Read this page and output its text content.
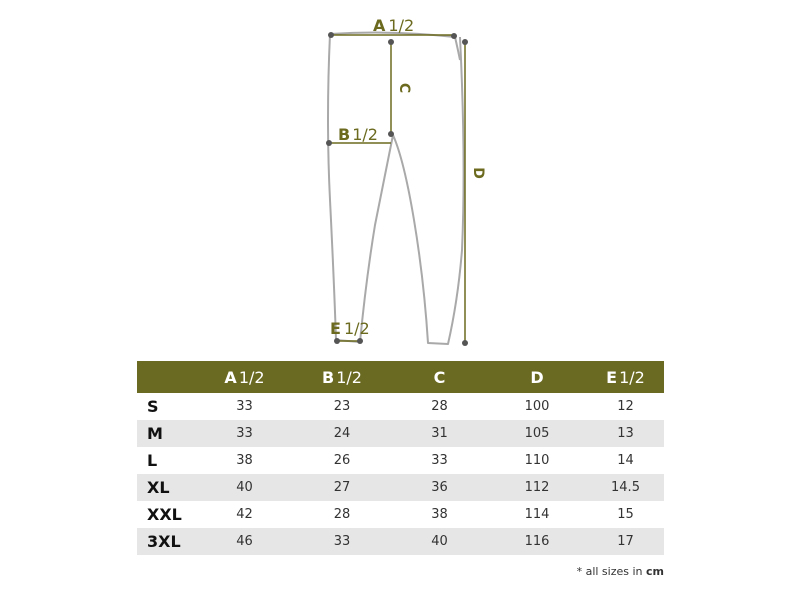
A 1/2
B 1/2
C
D
E 1/2
	A 1/2	B 1/2	C	D	E 1/2
S	33	23	28	100	12
M	33	24	31	105	13
L	38	26	33	110	14
XL	40	27	36	112	14.5
XXL	42	28	38	114	15
3XL	46	33	40	116	17
* all sizes in cm
